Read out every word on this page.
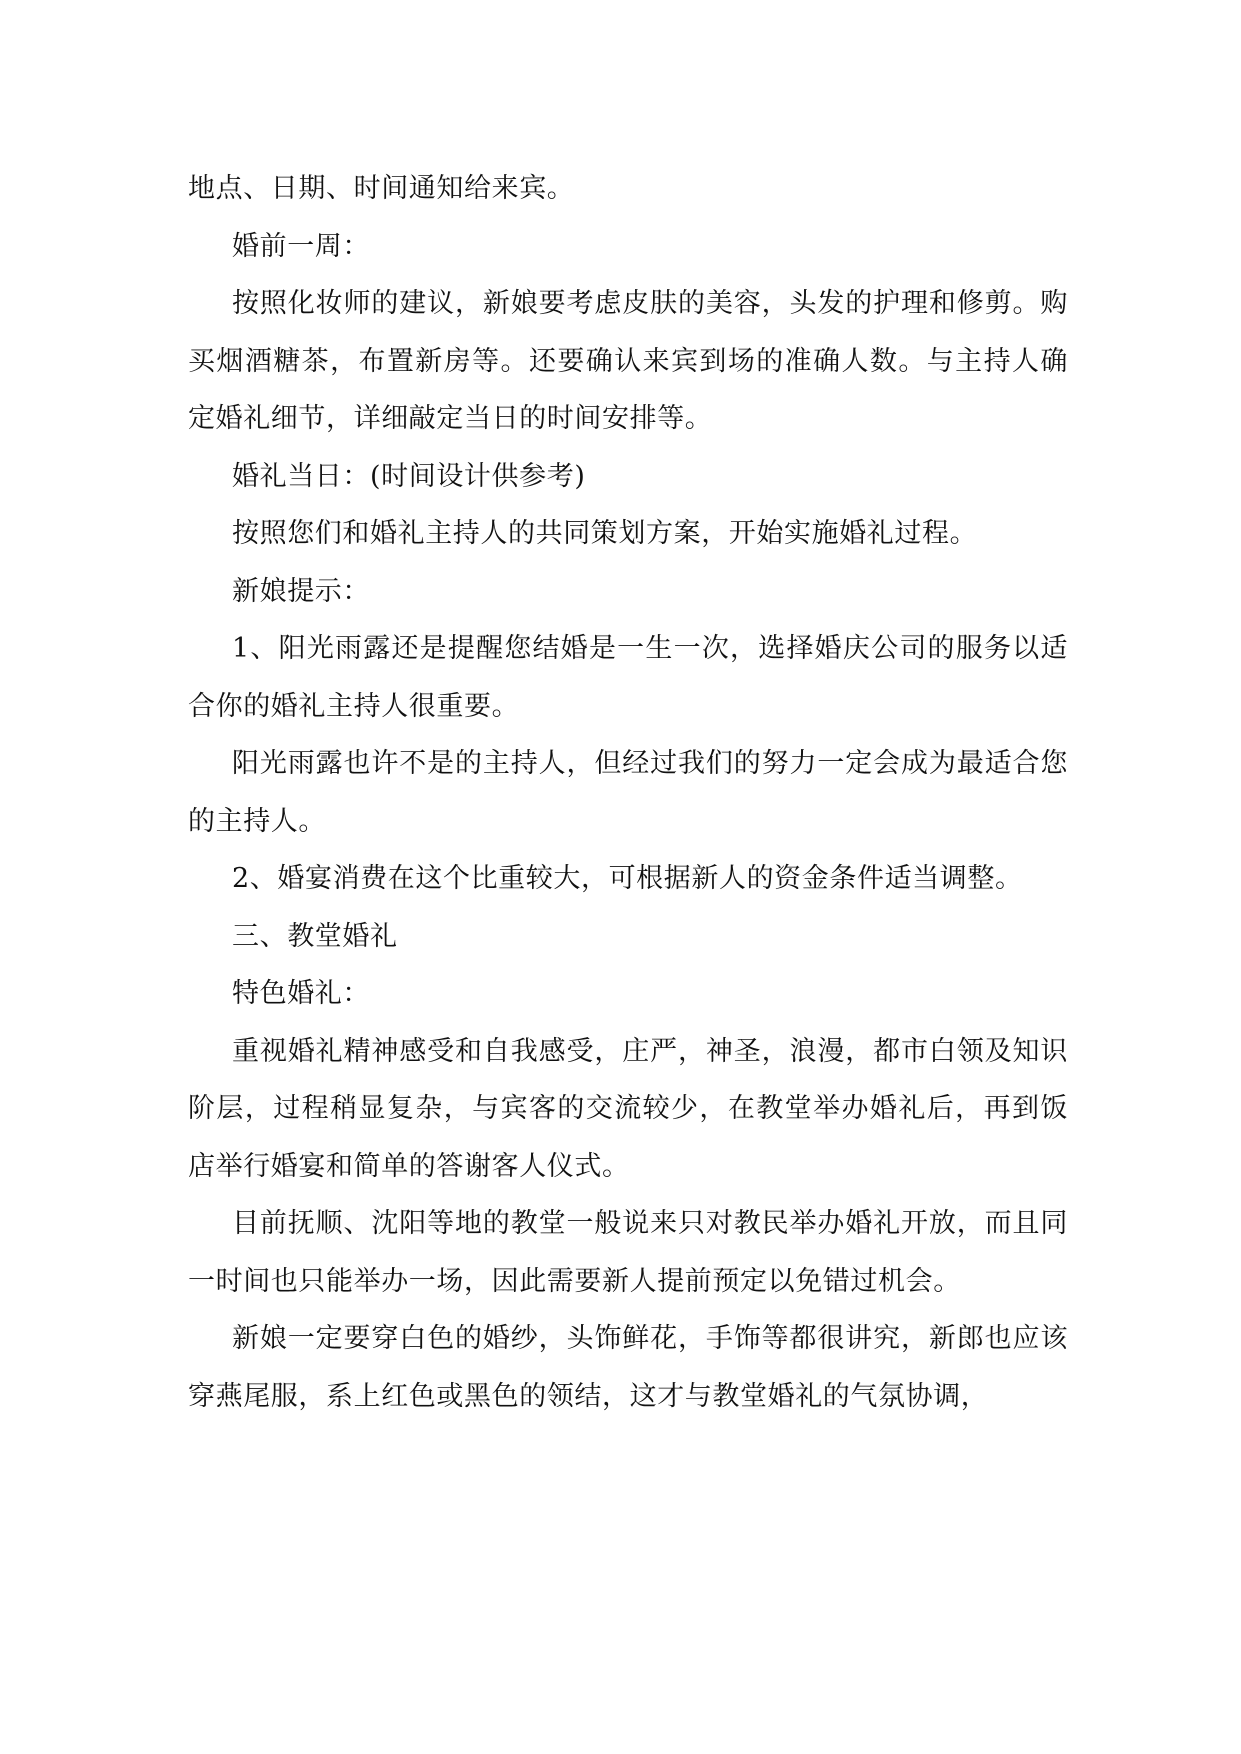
地点、日期、时间通知给来宾。

婚前一周：

按照化妆师的建议，新娘要考虑皮肤的美容，头发的护理和修剪。购买烟酒糖茶，布置新房等。还要确认来宾到场的准确人数。与主持人确定婚礼细节，详细敲定当日的时间安排等。

婚礼当日：(时间设计供参考)

按照您们和婚礼主持人的共同策划方案，开始实施婚礼过程。

新娘提示：

1、阳光雨露还是提醒您结婚是一生一次，选择婚庆公司的服务以适合你的婚礼主持人很重要。

阳光雨露也许不是的主持人，但经过我们的努力一定会成为最适合您的主持人。

2、婚宴消费在这个比重较大，可根据新人的资金条件适当调整。

三、教堂婚礼

特色婚礼：

重视婚礼精神感受和自我感受，庄严，神圣，浪漫，都市白领及知识阶层，过程稍显复杂，与宾客的交流较少，在教堂举办婚礼后，再到饭店举行婚宴和简单的答谢客人仪式。

目前抚顺、沈阳等地的教堂一般说来只对教民举办婚礼开放，而且同一时间也只能举办一场，因此需要新人提前预定以免错过机会。

新娘一定要穿白色的婚纱，头饰鲜花，手饰等都很讲究，新郎也应该穿燕尾服，系上红色或黑色的领结，这才与教堂婚礼的气氛协调，
